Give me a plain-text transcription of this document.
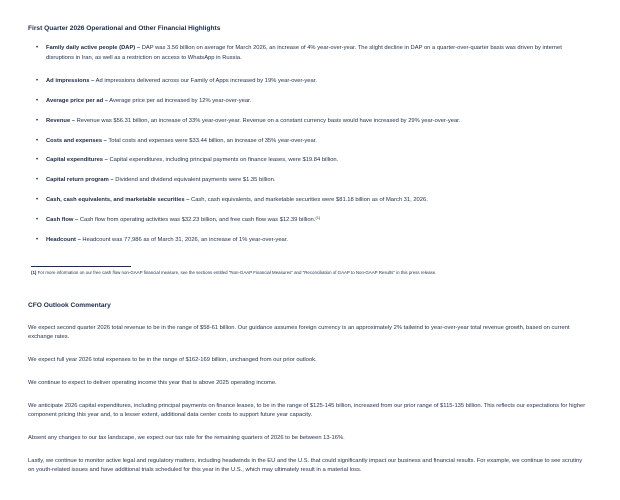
First Quarter 2026 Operational and Other Financial Highlights
• Family daily active people (DAP) – DAP was 3.56 billion on average for March 2026, an increase of 4% year-over-year. The slight decline in DAP on a quarter-over-quarter basis was driven by internet disruptions in Iran, as well as a restriction on access to WhatsApp in Russia.
• Ad impressions – Ad impressions delivered across our Family of Apps increased by 19% year-over-year.
• Average price per ad – Average price per ad increased by 12% year-over-year.
• Revenue – Revenue was $56.31 billion, an increase of 33% year-over-year. Revenue on a constant currency basis would have increased by 29% year-over-year.
• Costs and expenses – Total costs and expenses were $33.44 billion, an increase of 35% year-over-year.
• Capital expenditures – Capital expenditures, including principal payments on finance leases, were $19.84 billion.
• Capital return program – Dividend and dividend equivalent payments were $1.35 billion.
• Cash, cash equivalents, and marketable securities – Cash, cash equivalents, and marketable securities were $81.18 billion as of March 31, 2026.
• Cash flow – Cash flow from operating activities was $32.23 billion, and free cash flow was $12.39 billion.$^{(1)}$
• Headcount – Headcount was 77,986 as of March 31, 2026, an increase of 1% year-over-year.
(1) For more information on our free cash flow non-GAAP financial measure, see the sections entitled "Non-GAAP Financial Measures" and "Reconciliation of GAAP to Non-GAAP Results" in this press release.
CFO Outlook Commentary

We expect second quarter 2026 total revenue to be in the range of $58-61 billion. Our guidance assumes foreign currency is an approximately 2% tailwind to year-over-year total revenue growth, based on current exchange rates.

We expect full year 2026 total expenses to be in the range of $162-169 billion, unchanged from our prior outlook.

We continue to expect to deliver operating income this year that is above 2025 operating income.

We anticipate 2026 capital expenditures, including principal payments on finance leases, to be in the range of $125-145 billion, increased from our prior range of $115-135 billion. This reflects our expectations for higher component pricing this year and, to a lesser extent, additional data center costs to support future year capacity.

Absent any changes to our tax landscape, we expect our tax rate for the remaining quarters of 2026 to be between 13-16%.

Lastly, we continue to monitor active legal and regulatory matters, including headwinds in the EU and the U.S. that could significantly impact our business and financial results. For example, we continue to see scrutiny on youth-related issues and have additional trials scheduled for this year in the U.S., which may ultimately result in a material loss.
